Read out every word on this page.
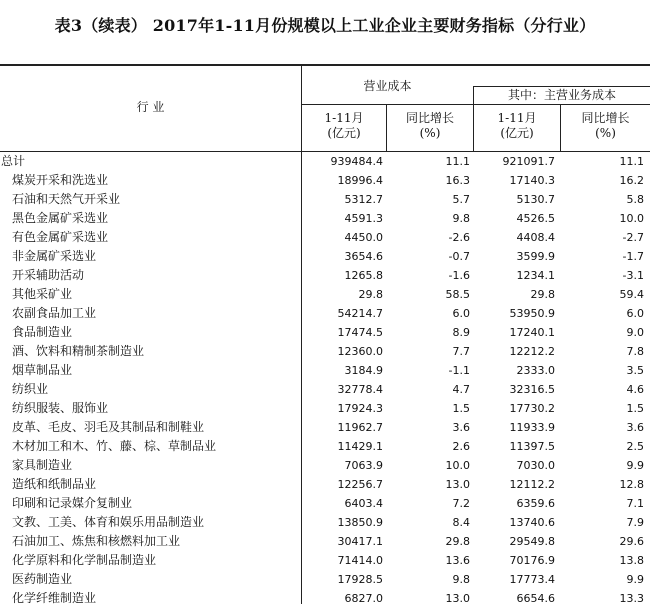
表3（续表） 2017年1-11月份规模以上工业企业主要财务指标（分行业）
行 业
营业成本
其中：主营业务成本
1-11月
(亿元)
同比增长
(%)
1-11月
(亿元)
同比增长
(%)
总计	939484.4	11.1	921091.7	11.1
煤炭开采和洗选业	18996.4	16.3	17140.3	16.2
石油和天然气开采业	5312.7	5.7	5130.7	5.8
黑色金属矿采选业	4591.3	9.8	4526.5	10.0
有色金属矿采选业	4450.0	-2.6	4408.4	-2.7
非金属矿采选业	3654.6	-0.7	3599.9	-1.7
开采辅助活动	1265.8	-1.6	1234.1	-3.1
其他采矿业	29.8	58.5	29.8	59.4
农副食品加工业	54214.7	6.0	53950.9	6.0
食品制造业	17474.5	8.9	17240.1	9.0
酒、饮料和精制茶制造业	12360.0	7.7	12212.2	7.8
烟草制品业	3184.9	-1.1	2333.0	3.5
纺织业	32778.4	4.7	32316.5	4.6
纺织服装、服饰业	17924.3	1.5	17730.2	1.5
皮革、毛皮、羽毛及其制品和制鞋业	11962.7	3.6	11933.9	3.6
木材加工和木、竹、藤、棕、草制品业	11429.1	2.6	11397.5	2.5
家具制造业	7063.9	10.0	7030.0	9.9
造纸和纸制品业	12256.7	13.0	12112.2	12.8
印刷和记录媒介复制业	6403.4	7.2	6359.6	7.1
文教、工美、体育和娱乐用品制造业	13850.9	8.4	13740.6	7.9
石油加工、炼焦和核燃料加工业	30417.1	29.8	29549.8	29.6
化学原料和化学制品制造业	71414.0	13.6	70176.9	13.8
医药制造业	17928.5	9.8	17773.4	9.9
化学纤维制造业	6827.0	13.0	6654.6	13.3
